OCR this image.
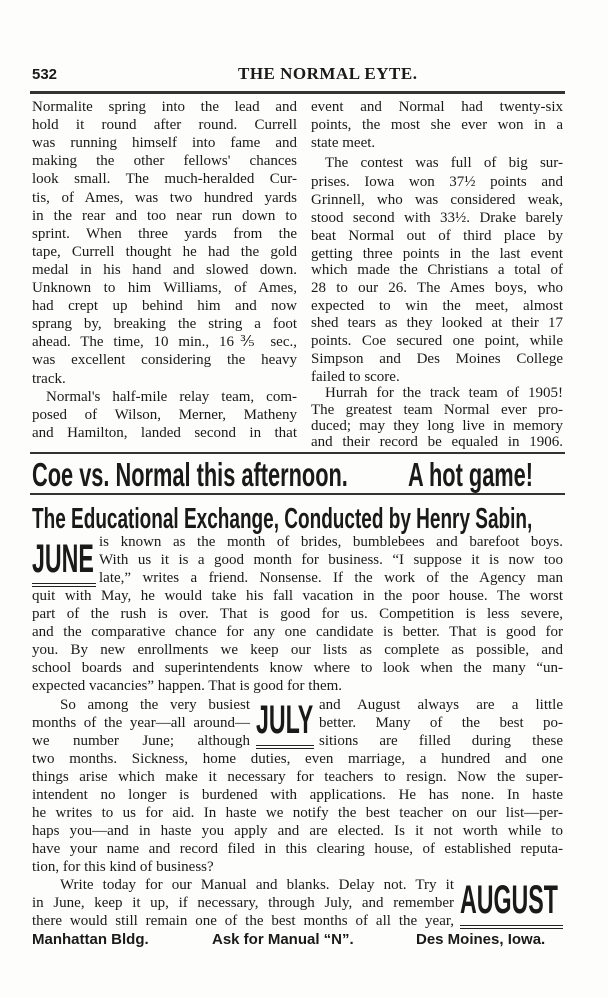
532	THE NORMAL EYTE.
Normalite spring into the lead and
hold it round after round. Currell
was running himself into fame and
making the other fellows' chances
look small. The much-heralded Cur-
tis, of Ames, was two hundred yards
in the rear and too near run down to
sprint. When three yards from the
tape, Currell thought he had the gold
medal in his hand and slowed down.
Unknown to him Williams, of Ames,
had crept up behind him and now
sprang by, breaking the string a foot
ahead. The time, 10 min., 16⅗ sec.,
was excellent considering the heavy
track.
Normal's half-mile relay team, com-
posed of Wilson, Merner, Matheny
and Hamilton, landed second in that
event and Normal had twenty-six
points, the most she ever won in a
state meet.
The contest was full of big sur-
prises. Iowa won 37½ points and
Grinnell, who was considered weak,
stood second with 33½. Drake barely
beat Normal out of third place by
getting three points in the last event
which made the Christians a total of
28 to our 26. The Ames boys, who
expected to win the meet, almost
shed tears as they looked at their 17
points. Coe secured one point, while
Simpson and Des Moines College
failed to score.
Hurrah for the track team of 1905!
The greatest team Normal ever pro-
duced; may they long live in memory
and their record be equaled in 1906.
Coe vs. Normal this afternoon. A hot game!
The Educational Exchange, Conducted by Henry Sabin,
JUNE
JULY
AUGUST
is known as the month of brides, bumblebees and barefoot boys.
With us it is a good month for business. “I suppose it is now too
late,” writes a friend. Nonsense. If the work of the Agency man
quit with May, he would take his fall vacation in the poor house. The worst
part of the rush is over. That is good for us. Competition is less severe,
and the comparative chance for any one candidate is better. That is good for
you. By new enrollments we keep our lists as complete as possible, and
school boards and superintendents know where to look when the many “un-
expected vacancies” happen. That is good for them.
So among the very busiest
months of the year—all around—
we number June; although
and August always are a little
better. Many of the best po-
sitions are filled during these
two months. Sickness, home duties, even marriage, a hundred and one
things arise which make it necessary for teachers to resign. Now the super-
intendent no longer is burdened with applications. He has none. In haste
he writes to us for aid. In haste we notify the best teacher on our list—per-
haps you—and in haste you apply and are elected. Is it not worth while to
have your name and record filed in this clearing house, of established reputa-
tion, for this kind of business?
Write today for our Manual and blanks. Delay not. Try it
in June, keep it up, if necessary, through July, and remember
there would still remain one of the best months of all the year,
Manhattan Bldg.	Ask for Manual “N”.	Des Moines, Iowa.
